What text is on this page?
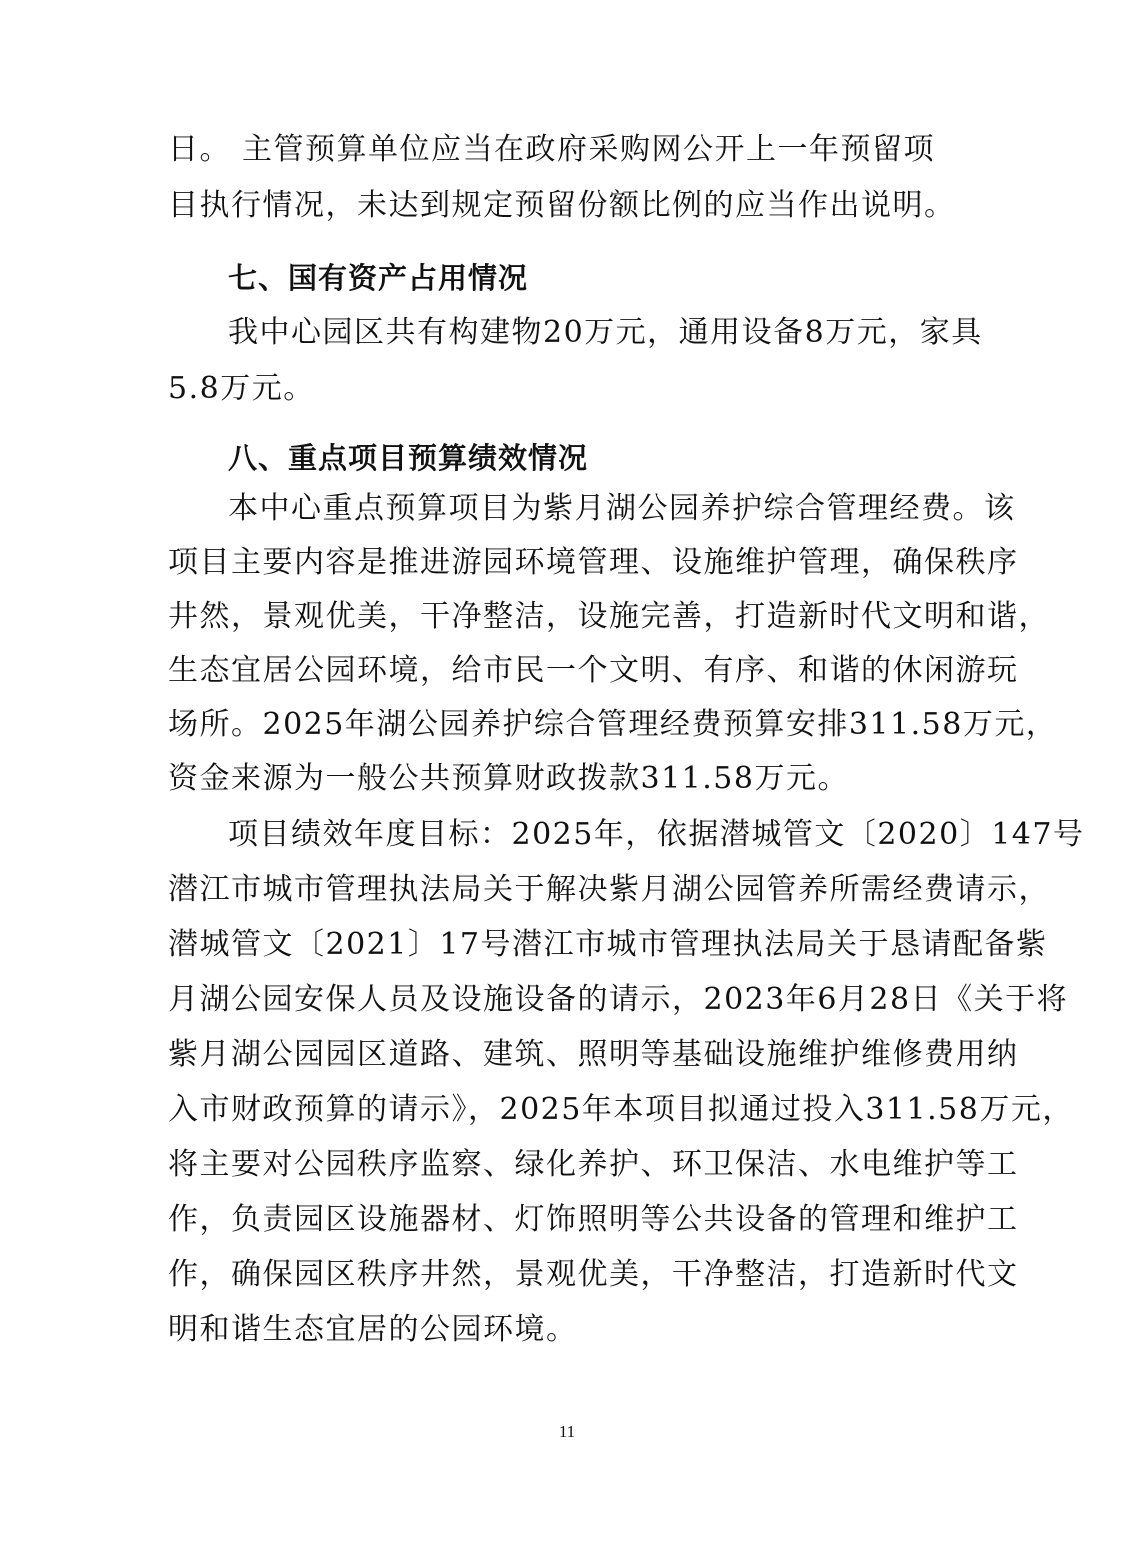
日。 主管预算单位应当在政府采购网公开上一年预留项
目执行情况，未达到规定预留份额比例的应当作出说明。
七、国有资产占用情况
我中心园区共有构建物20万元，通用设备8万元，家具
5.8万元。
八、重点项目预算绩效情况
本中心重点预算项目为紫月湖公园养护综合管理经费。该
项目主要内容是推进游园环境管理、设施维护管理，确保秩序
井然，景观优美，干净整洁，设施完善，打造新时代文明和谐，
生态宜居公园环境，给市民一个文明、有序、和谐的休闲游玩
场所。2025年湖公园养护综合管理经费预算安排311.58万元，
资金来源为一般公共预算财政拨款311.58万元。
项目绩效年度目标：2025年，依据潜城管文〔2020〕147号
潜江市城市管理执法局关于解决紫月湖公园管养所需经费请示，
潜城管文〔2021〕17号潜江市城市管理执法局关于恳请配备紫
月湖公园安保人员及设施设备的请示，2023年6月28日《关于将
紫月湖公园园区道路、建筑、照明等基础设施维护维修费用纳
入市财政预算的请示》，2025年本项目拟通过投入311.58万元，
将主要对公园秩序监察、绿化养护、环卫保洁、水电维护等工
作，负责园区设施器材、灯饰照明等公共设备的管理和维护工
作，确保园区秩序井然，景观优美，干净整洁，打造新时代文
明和谐生态宜居的公园环境。
11
